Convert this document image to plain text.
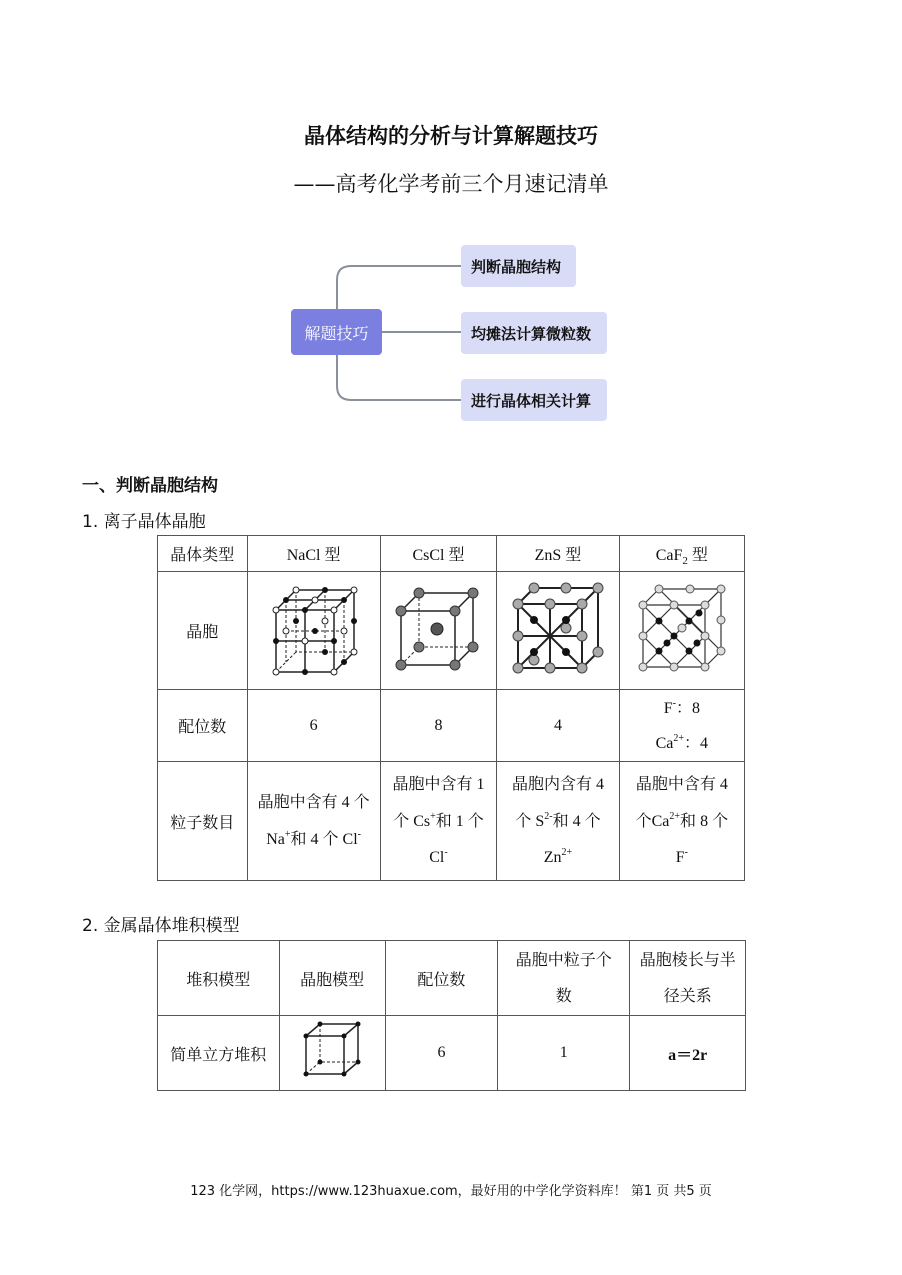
晶体结构的分析与计算解题技巧
——高考化学考前三个月速记清单
解题技巧
判断晶胞结构
均摊法计算微粒数
进行晶体相关计算
一、判断晶胞结构
1. 离子晶体晶胞
晶体类型	NaCl 型	CsCl 型	ZnS 型	CaF$_2$ 型
晶胞				
配位数	6	8	4	F-：8
$Ca^{2+}$：4
粒子数目	晶胞中含有 4 个 Na+和 4 个 Cl-	晶胞中含有 1 个 Cs+和 1 个 Cl-	晶胞内含有 4 个 $S^{2-}$和 4 个 $Zn^{2+}$	晶胞中含有 4 个$Ca^{2+}$和 8 个 F-
2. 金属晶体堆积模型
堆积模型	晶胞模型	配位数	晶胞中粒子个数	晶胞棱长与半径关系
简单立方堆积		6	1	a＝2r
123 化学网，https://www.123huaxue.com，最好用的中学化学资料库！ 第1 页 共5 页
